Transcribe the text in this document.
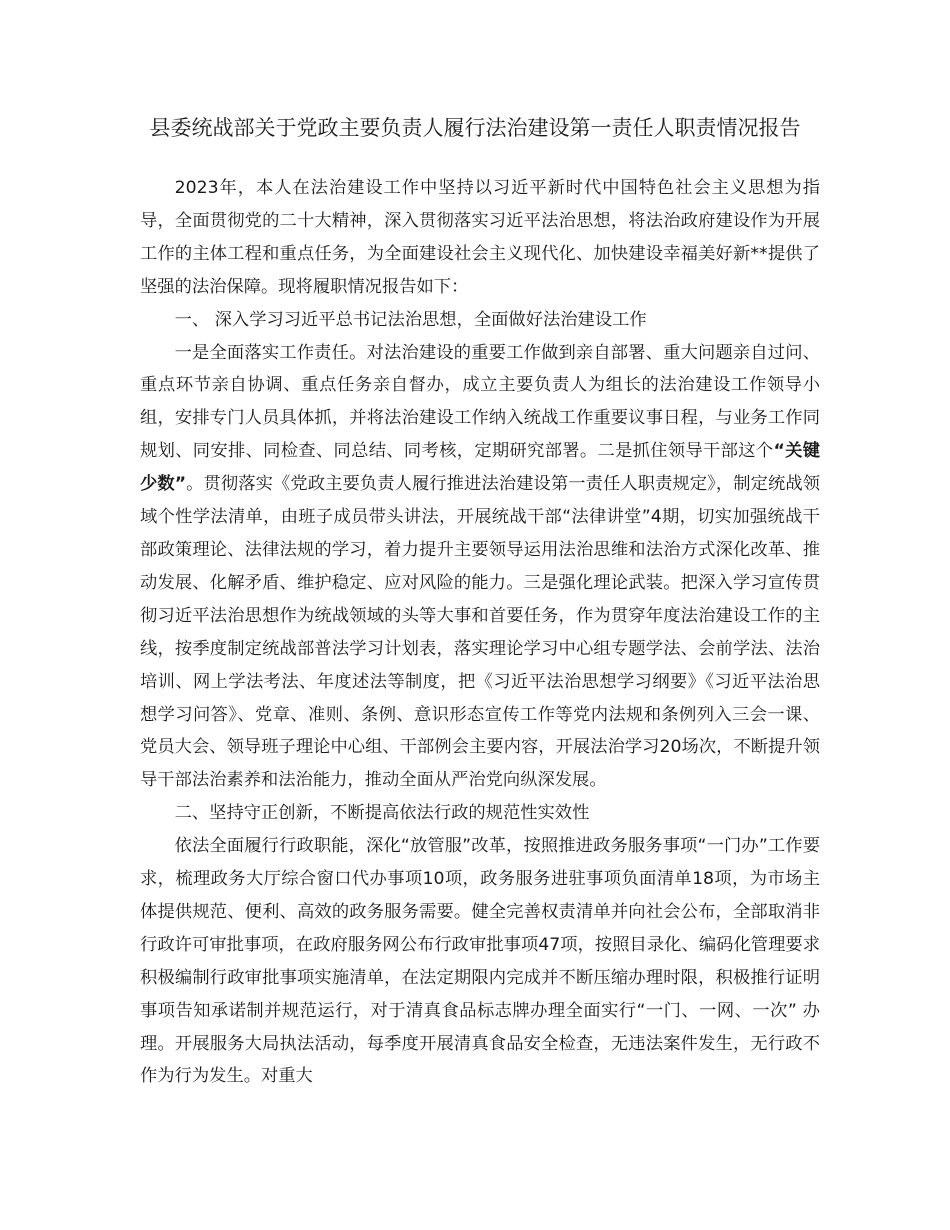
县委统战部关于党政主要负责人履行法治建设第一责任人职责情况报告

2023年，本人在法治建设工作中坚持以习近平新时代中国特色社会主义思想为指导，全面贯彻党的二十大精神，深入贯彻落实习近平法治思想，将法治政府建设作为开展工作的主体工程和重点任务，为全面建设社会主义现代化、加快建设幸福美好新**提供了坚强的法治保障。现将履职情况报告如下：

一、 深入学习习近平总书记法治思想，全面做好法治建设工作

一是全面落实工作责任。对法治建设的重要工作做到亲自部署、重大问题亲自过问、重点环节亲自协调、重点任务亲自督办，成立主要负责人为组长的法治建设工作领导小组，安排专门人员具体抓，并将法治建设工作纳入统战工作重要议事日程，与业务工作同规划、同安排、同检查、同总结、同考核，定期研究部署。二是抓住领导干部这个“关键少数”。贯彻落实《党政主要负责人履行推进法治建设第一责任人职责规定》，制定统战领域个性学法清单，由班子成员带头讲法，开展统战干部“法律讲堂”4期，切实加强统战干部政策理论、法律法规的学习，着力提升主要领导运用法治思维和法治方式深化改革、推动发展、化解矛盾、维护稳定、应对风险的能力。三是强化理论武装。把深入学习宣传贯彻习近平法治思想作为统战领域的头等大事和首要任务，作为贯穿年度法治建设工作的主线，按季度制定统战部普法学习计划表，落实理论学习中心组专题学法、会前学法、法治培训、网上学法考法、年度述法等制度，把《习近平法治思想学习纲要》《习近平法治思想学习问答》、党章、准则、条例、意识形态宣传工作等党内法规和条例列入三会一课、党员大会、领导班子理论中心组、干部例会主要内容，开展法治学习20场次，不断提升领导干部法治素养和法治能力，推动全面从严治党向纵深发展。

二、坚持守正创新，不断提高依法行政的规范性实效性

依法全面履行行政职能，深化“放管服”改革，按照推进政务服务事项“一门办”工作要求，梳理政务大厅综合窗口代办事项10项，政务服务进驻事项负面清单18项，为市场主体提供规范、便利、高效的政务服务需要。健全完善权责清单并向社会公布，全部取消非行政许可审批事项，在政府服务网公布行政审批事项47项，按照目录化、编码化管理要求积极编制行政审批事项实施清单，在法定期限内完成并不断压缩办理时限，积极推行证明事项告知承诺制并规范运行，对于清真食品标志牌办理全面实行“一门、一网、一次” 办理。开展服务大局执法活动，每季度开展清真食品安全检查，无违法案件发生，无行政不作为行为发生。对重大
